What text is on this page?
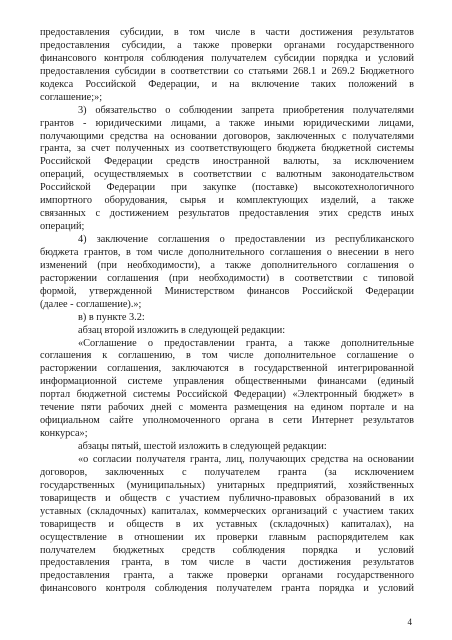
предоставления субсидии, в том числе в части достижения результатов
предоставления субсидии, а также проверки органами государственного
финансового контроля соблюдения получателем субсидии порядка и условий
предоставления субсидии в соответствии со статьями 268.1 и 269.2 Бюджетного
кодекса Российской Федерации, и на включение таких положений в
соглашение;»;
3) обязательство о соблюдении запрета приобретения получателями
грантов - юридическими лицами, а также иными юридическими лицами,
получающими средства на основании договоров, заключенных с получателями
гранта, за счет полученных из соответствующего бюджета бюджетной системы
Российской Федерации средств иностранной валюты, за исключением
операций, осуществляемых в соответствии с валютным законодательством
Российской Федерации при закупке (поставке) высокотехнологичного
импортного оборудования, сырья и комплектующих изделий, а также
связанных с достижением результатов предоставления этих средств иных
операций;
4) заключение соглашения о предоставлении из республиканского
бюджета грантов, в том числе дополнительного соглашения о внесении в него
изменений (при необходимости), а также дополнительного соглашения о
расторжении соглашения (при необходимости) в соответствии с типовой
формой, утвержденной Министерством финансов Российской Федерации
(далее - соглашение).»;
в) в пункте 3.2:
абзац второй изложить в следующей редакции:
«Соглашение о предоставлении гранта, а также дополнительные
соглашения к соглашению, в том числе дополнительное соглашение о
расторжении соглашения, заключаются в государственной интегрированной
информационной системе управления общественными финансами (единый
портал бюджетной системы Российской Федерации) «Электронный бюджет» в
течение пяти рабочих дней с момента размещения на едином портале и на
официальном сайте уполномоченного органа в сети Интернет результатов
конкурса»;
абзацы пятый, шестой изложить в следующей редакции:
«о согласии получателя гранта, лиц, получающих средства на основании
договоров, заключенных с получателем гранта (за исключением
государственных (муниципальных) унитарных предприятий, хозяйственных
товариществ и обществ с участием публично-правовых образований в их
уставных (складочных) капиталах, коммерческих организаций с участием таких
товариществ и обществ в их уставных (складочных) капиталах), на
осуществление в отношении их проверки главным распорядителем как
получателем бюджетных средств соблюдения порядка и условий
предоставления гранта, в том числе в части достижения результатов
предоставления гранта, а также проверки органами государственного
финансового контроля соблюдения получателем гранта порядка и условий
4
